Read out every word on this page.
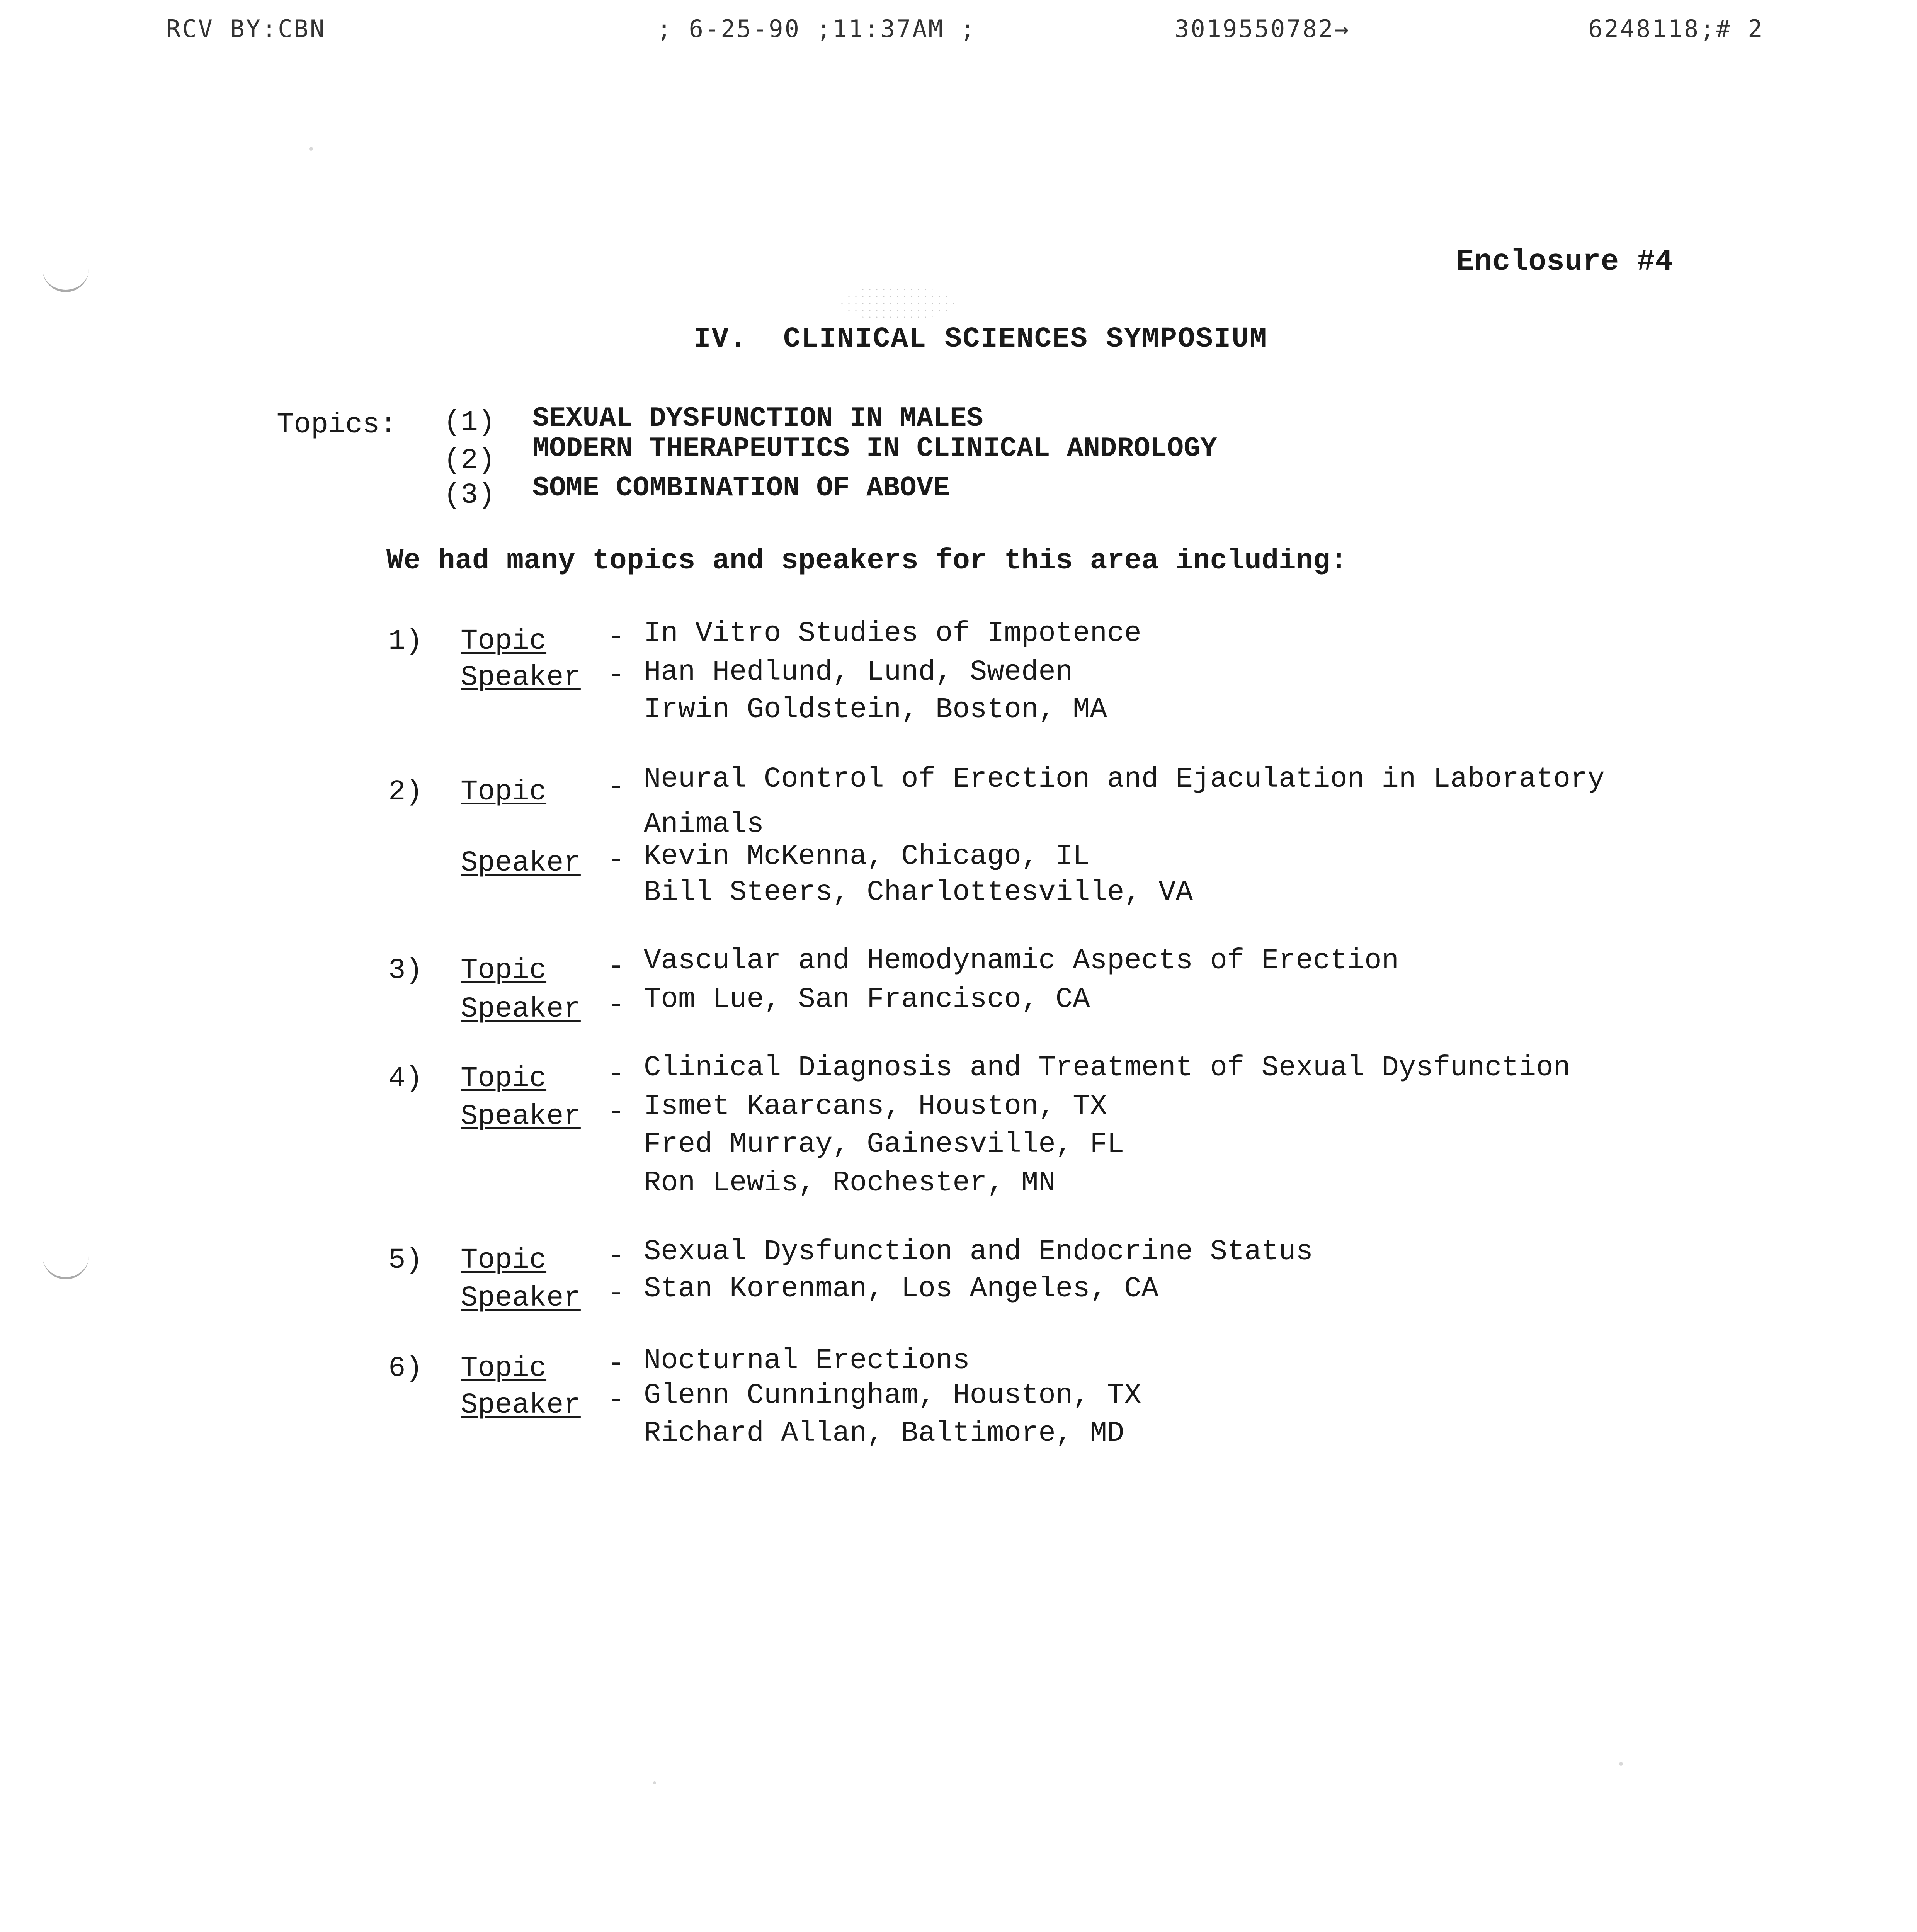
RCV BY:CBN	; 6-25-90 ;11:37AM ;	3019550782→	6248118;# 2
Enclosure #4
IV.  CLINICAL SCIENCES SYMPOSIUM
Topics: (1) SEXUAL DYSFUNCTION IN MALES
(2) MODERN THERAPEUTICS IN CLINICAL ANDROLOGY
(3) SOME COMBINATION OF ABOVE
We had many topics and speakers for this area including:
1) Topic - In Vitro Studies of Impotence
Speaker - Han Hedlund, Lund, Sweden
Irwin Goldstein, Boston, MA
2) Topic - Neural Control of Erection and Ejaculation in Laboratory
Animals
Speaker - Kevin McKenna, Chicago, IL
Bill Steers, Charlottesville, VA
3) Topic - Vascular and Hemodynamic Aspects of Erection
Speaker - Tom Lue, San Francisco, CA
4) Topic - Clinical Diagnosis and Treatment of Sexual Dysfunction
Speaker - Ismet Kaarcans, Houston, TX
Fred Murray, Gainesville, FL
Ron Lewis, Rochester, MN
5) Topic - Sexual Dysfunction and Endocrine Status
Speaker - Stan Korenman, Los Angeles, CA
6) Topic - Nocturnal Erections
Speaker - Glenn Cunningham, Houston, TX
Richard Allan, Baltimore, MD
